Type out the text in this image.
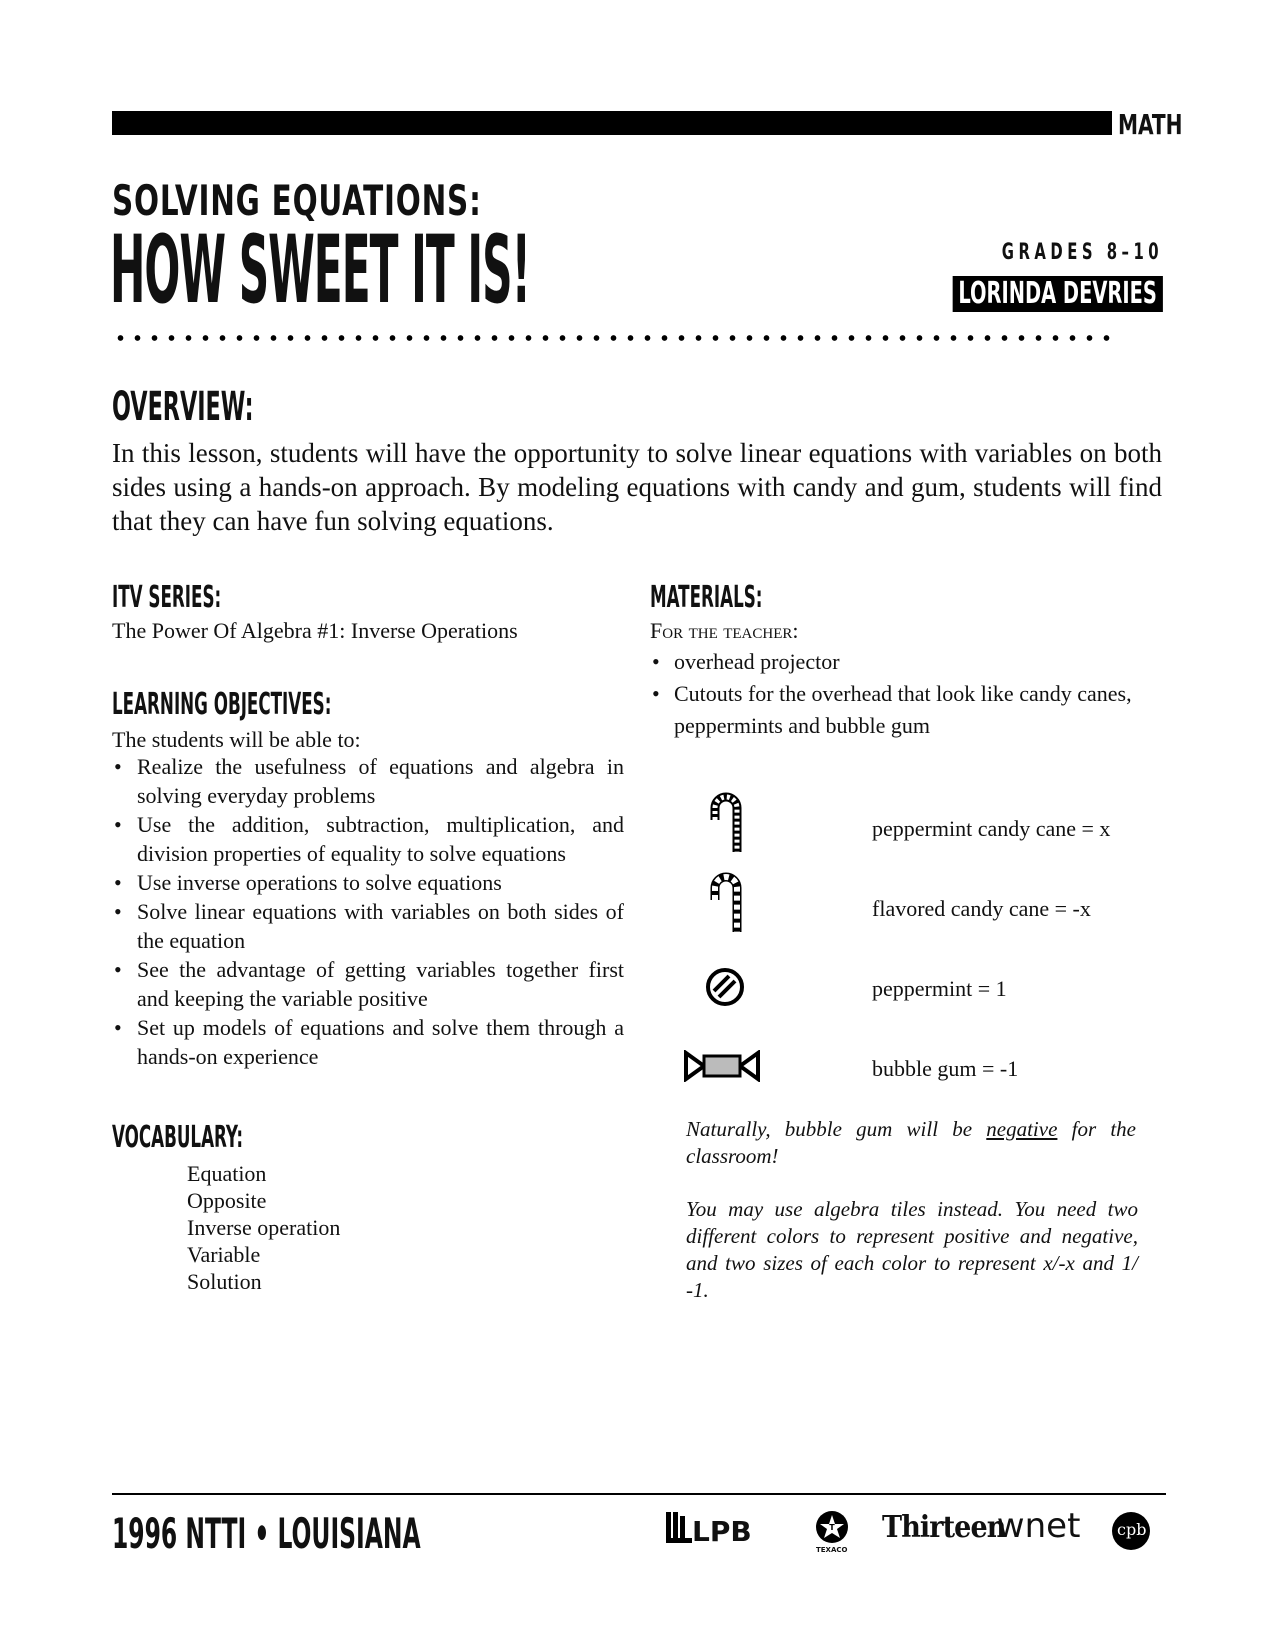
MATH
SOLVING EQUATIONS:
HOW SWEET IT IS!	GRADES 8–10
LORINDA DEVRIES
OVERVIEW:

In this lesson, students will have the opportunity to solve linear equations with variables on both sides using a hands-on approach. By modeling equations with candy and gum, students will find that they can have fun solving equations.

ITV SERIES:
The Power Of Algebra #1: Inverse Operations
LEARNING OBJECTIVES:
The students will be able to:
• Realize the usefulness of equations and algebra in solving everyday problems
• Use the addition, subtraction, multiplication, and division properties of equality to solve equations
• Use inverse operations to solve equations
• Solve linear equations with variables on both sides of the equation
• See the advantage of getting variables together first and keeping the variable positive
• Set up models of equations and solve them through a hands-on experience
VOCABULARY:
Equation
Opposite
Inverse operation
Variable
Solution
MATERIALS:
For the teacher:
• overhead projector
• Cutouts for the overhead that look like candy canes, peppermints and bubble gum
peppermint candy cane = x
flavored candy cane = -x
peppermint = 1
bubble gum = -1

Naturally, bubble gum will be negative for the classroom!

You may use algebra tiles instead. You need two different colors to represent positive and negative, and two sizes of each color to represent x/-x and 1/ -1.

1996 NTTI • LOUISIANA	LPB	T
TEXACO
Thirteen
·wnet cpb
